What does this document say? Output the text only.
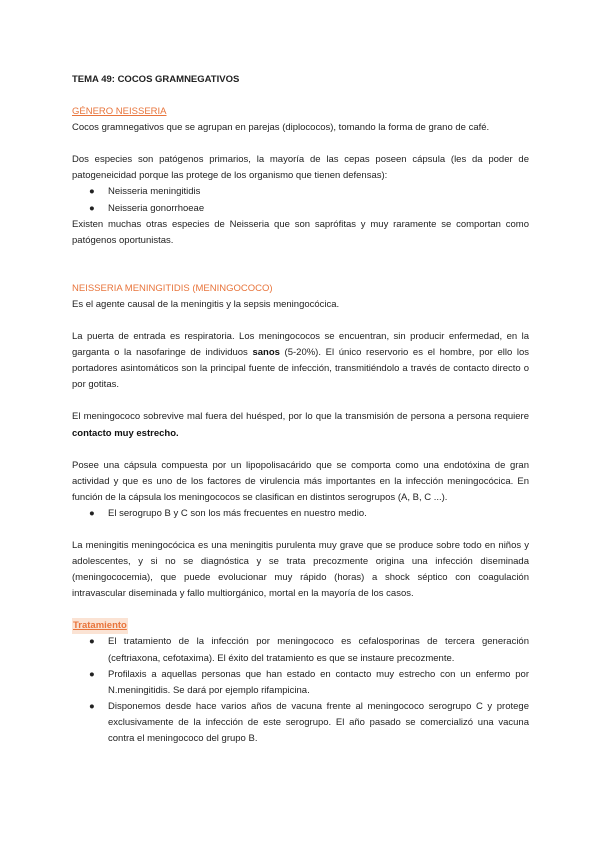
TEMA 49: COCOS GRAMNEGATIVOS

GÉNERO NEISSERIA

Cocos gramnegativos que se agrupan en parejas (diplococos), tomando la forma de grano de café.

Dos especies son patógenos primarios, la mayoría de las cepas poseen cápsula (les da poder de patogeneicidad porque las protege de los organismo que tienen defensas):

● Neisseria meningitidis
● Neisseria gonorrhoeae

Existen muchas otras especies de Neisseria que son saprófitas y muy raramente se comportan como patógenos oportunistas.

NEISSERIA MENINGITIDIS (MENINGOCOCO)

Es el agente causal de la meningitis y la sepsis meningocócica.

La puerta de entrada es respiratoria. Los meningococos se encuentran, sin producir enfermedad, en la garganta o la nasofaringe de individuos sanos (5-20%). El único reservorio es el hombre, por ello los portadores asintomáticos son la principal fuente de infección, transmitiéndolo a través de contacto directo o por gotitas.

El meningococo sobrevive mal fuera del huésped, por lo que la transmisión de persona a persona requiere contacto muy estrecho.

Posee una cápsula compuesta por un lipopolisacárido que se comporta como una endotóxina de gran actividad y que es uno de los factores de virulencia más importantes en la infección meningocócica. En función de la cápsula los meningococos se clasifican en distintos serogrupos (A, B, C ...).

● El serogrupo B y C son los más frecuentes en nuestro medio.

La meningitis meningocócica es una meningitis purulenta muy grave que se produce sobre todo en niños y adolescentes, y si no se diagnóstica y se trata precozmente origina una infección diseminada (meningococemia), que puede evolucionar muy rápido (horas) a shock séptico con coagulación intravascular diseminada y fallo multiorgánico, mortal en la mayoría de los casos.

Tratamiento

● El tratamiento de la infección por meningococo es cefalosporinas de tercera generación (ceftriaxona, cefotaxima). El éxito del tratamiento es que se instaure precozmente.
● Profilaxis a aquellas personas que han estado en contacto muy estrecho con un enfermo por N.meningitidis. Se dará por ejemplo rifampicina.
● Disponemos desde hace varios años de vacuna frente al meningococo serogrupo C y protege exclusivamente de la infección de este serogrupo. El año pasado se comercializó una vacuna contra el meningococo del grupo B.
